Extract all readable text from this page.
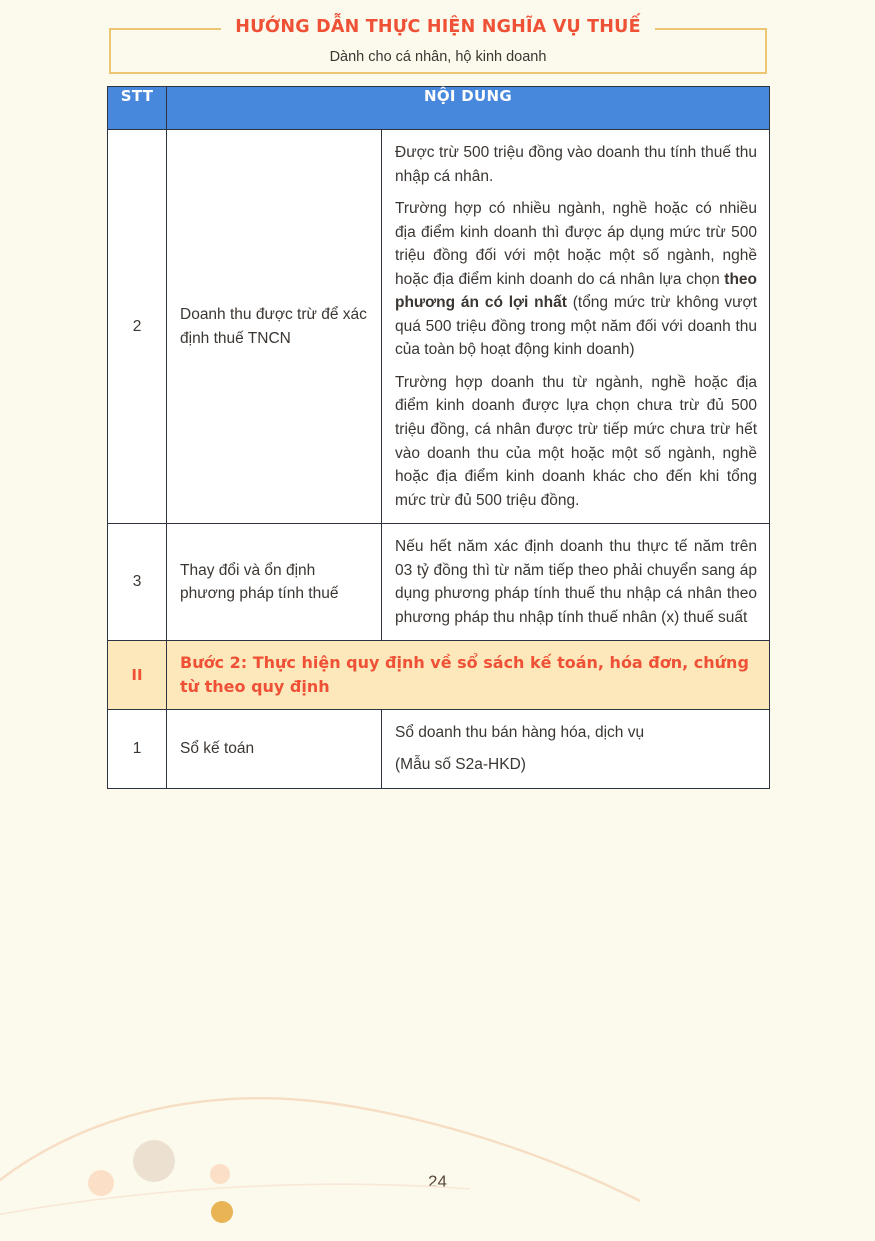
HƯỚNG DẪN THỰC HIỆN NGHĨA VỤ THUẾ
Dành cho cá nhân, hộ kinh doanh
STT	NỘI DUNG	
2	Doanh thu được trừ để xác định thuế TNCN	Được trừ 500 triệu đồng vào doanh thu tính thuế thu nhập cá nhân.

Trường hợp có nhiều ngành, nghề hoặc có nhiều địa điểm kinh doanh thì được áp dụng mức trừ 500 triệu đồng đối với một hoặc một số ngành, nghề hoặc địa điểm kinh doanh do cá nhân lựa chọn theo phương án có lợi nhất (tổng mức trừ không vượt quá 500 triệu đồng trong một năm đối với doanh thu của toàn bộ hoạt động kinh doanh)

Trường hợp doanh thu từ ngành, nghề hoặc địa điểm kinh doanh được lựa chọn chưa trừ đủ 500 triệu đồng, cá nhân được trừ tiếp mức chưa trừ hết vào doanh thu của một hoặc một số ngành, nghề hoặc địa điểm kinh doanh khác cho đến khi tổng mức trừ đủ 500 triệu đồng.

3	Thay đổi và ổn định phương pháp tính thuế	Nếu hết năm xác định doanh thu thực tế năm trên 03 tỷ đồng thì từ năm tiếp theo phải chuyển sang áp dụng phương pháp tính thuế thu nhập cá nhân theo phương pháp thu nhập tính thuế nhân (x) thuế suất

II	Bước 2: Thực hiện quy định về sổ sách kế toán, hóa đơn, chứng từ theo quy định	
1	Sổ kế toán	Sổ doanh thu bán hàng hóa, dịch vụ

(Mẫu số S2a-HKD)

24
